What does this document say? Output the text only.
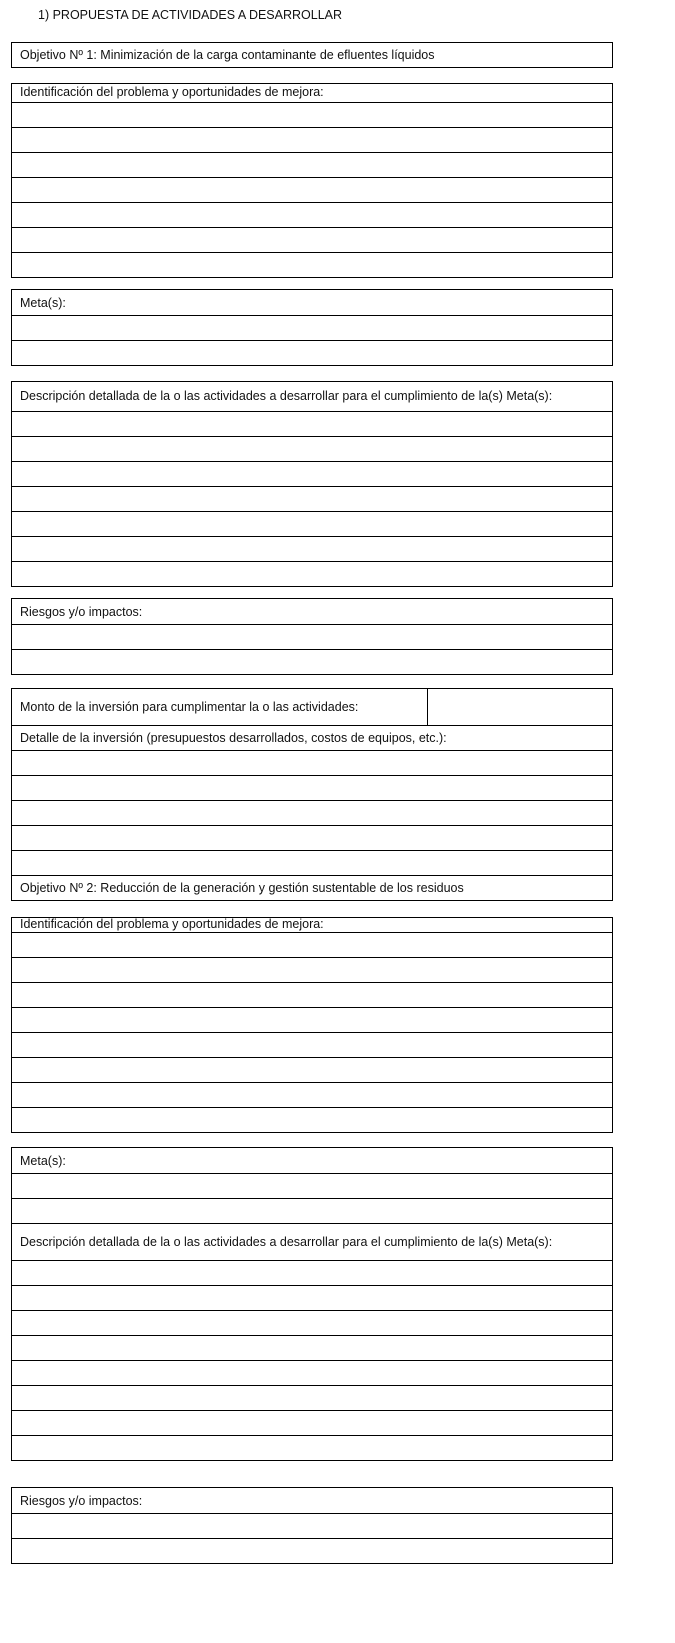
1) PROPUESTA DE ACTIVIDADES A DESARROLLAR
Objetivo Nº 1: Minimización de la carga contaminante de efluentes líquidos
Identificación del problema y oportunidades de mejora:
Meta(s):
Descripción detallada de la o las actividades a desarrollar para el cumplimiento de la(s) Meta(s):
Riesgos y/o impactos:
Monto de la inversión para cumplimentar la o las actividades:
Detalle de la inversión (presupuestos desarrollados, costos de equipos, etc.):
Objetivo Nº 2: Reducción de la generación y gestión sustentable de los residuos
Identificación del problema y oportunidades de mejora:
Meta(s):
Descripción detallada de la o las actividades a desarrollar para el cumplimiento de la(s) Meta(s):
Riesgos y/o impactos:
